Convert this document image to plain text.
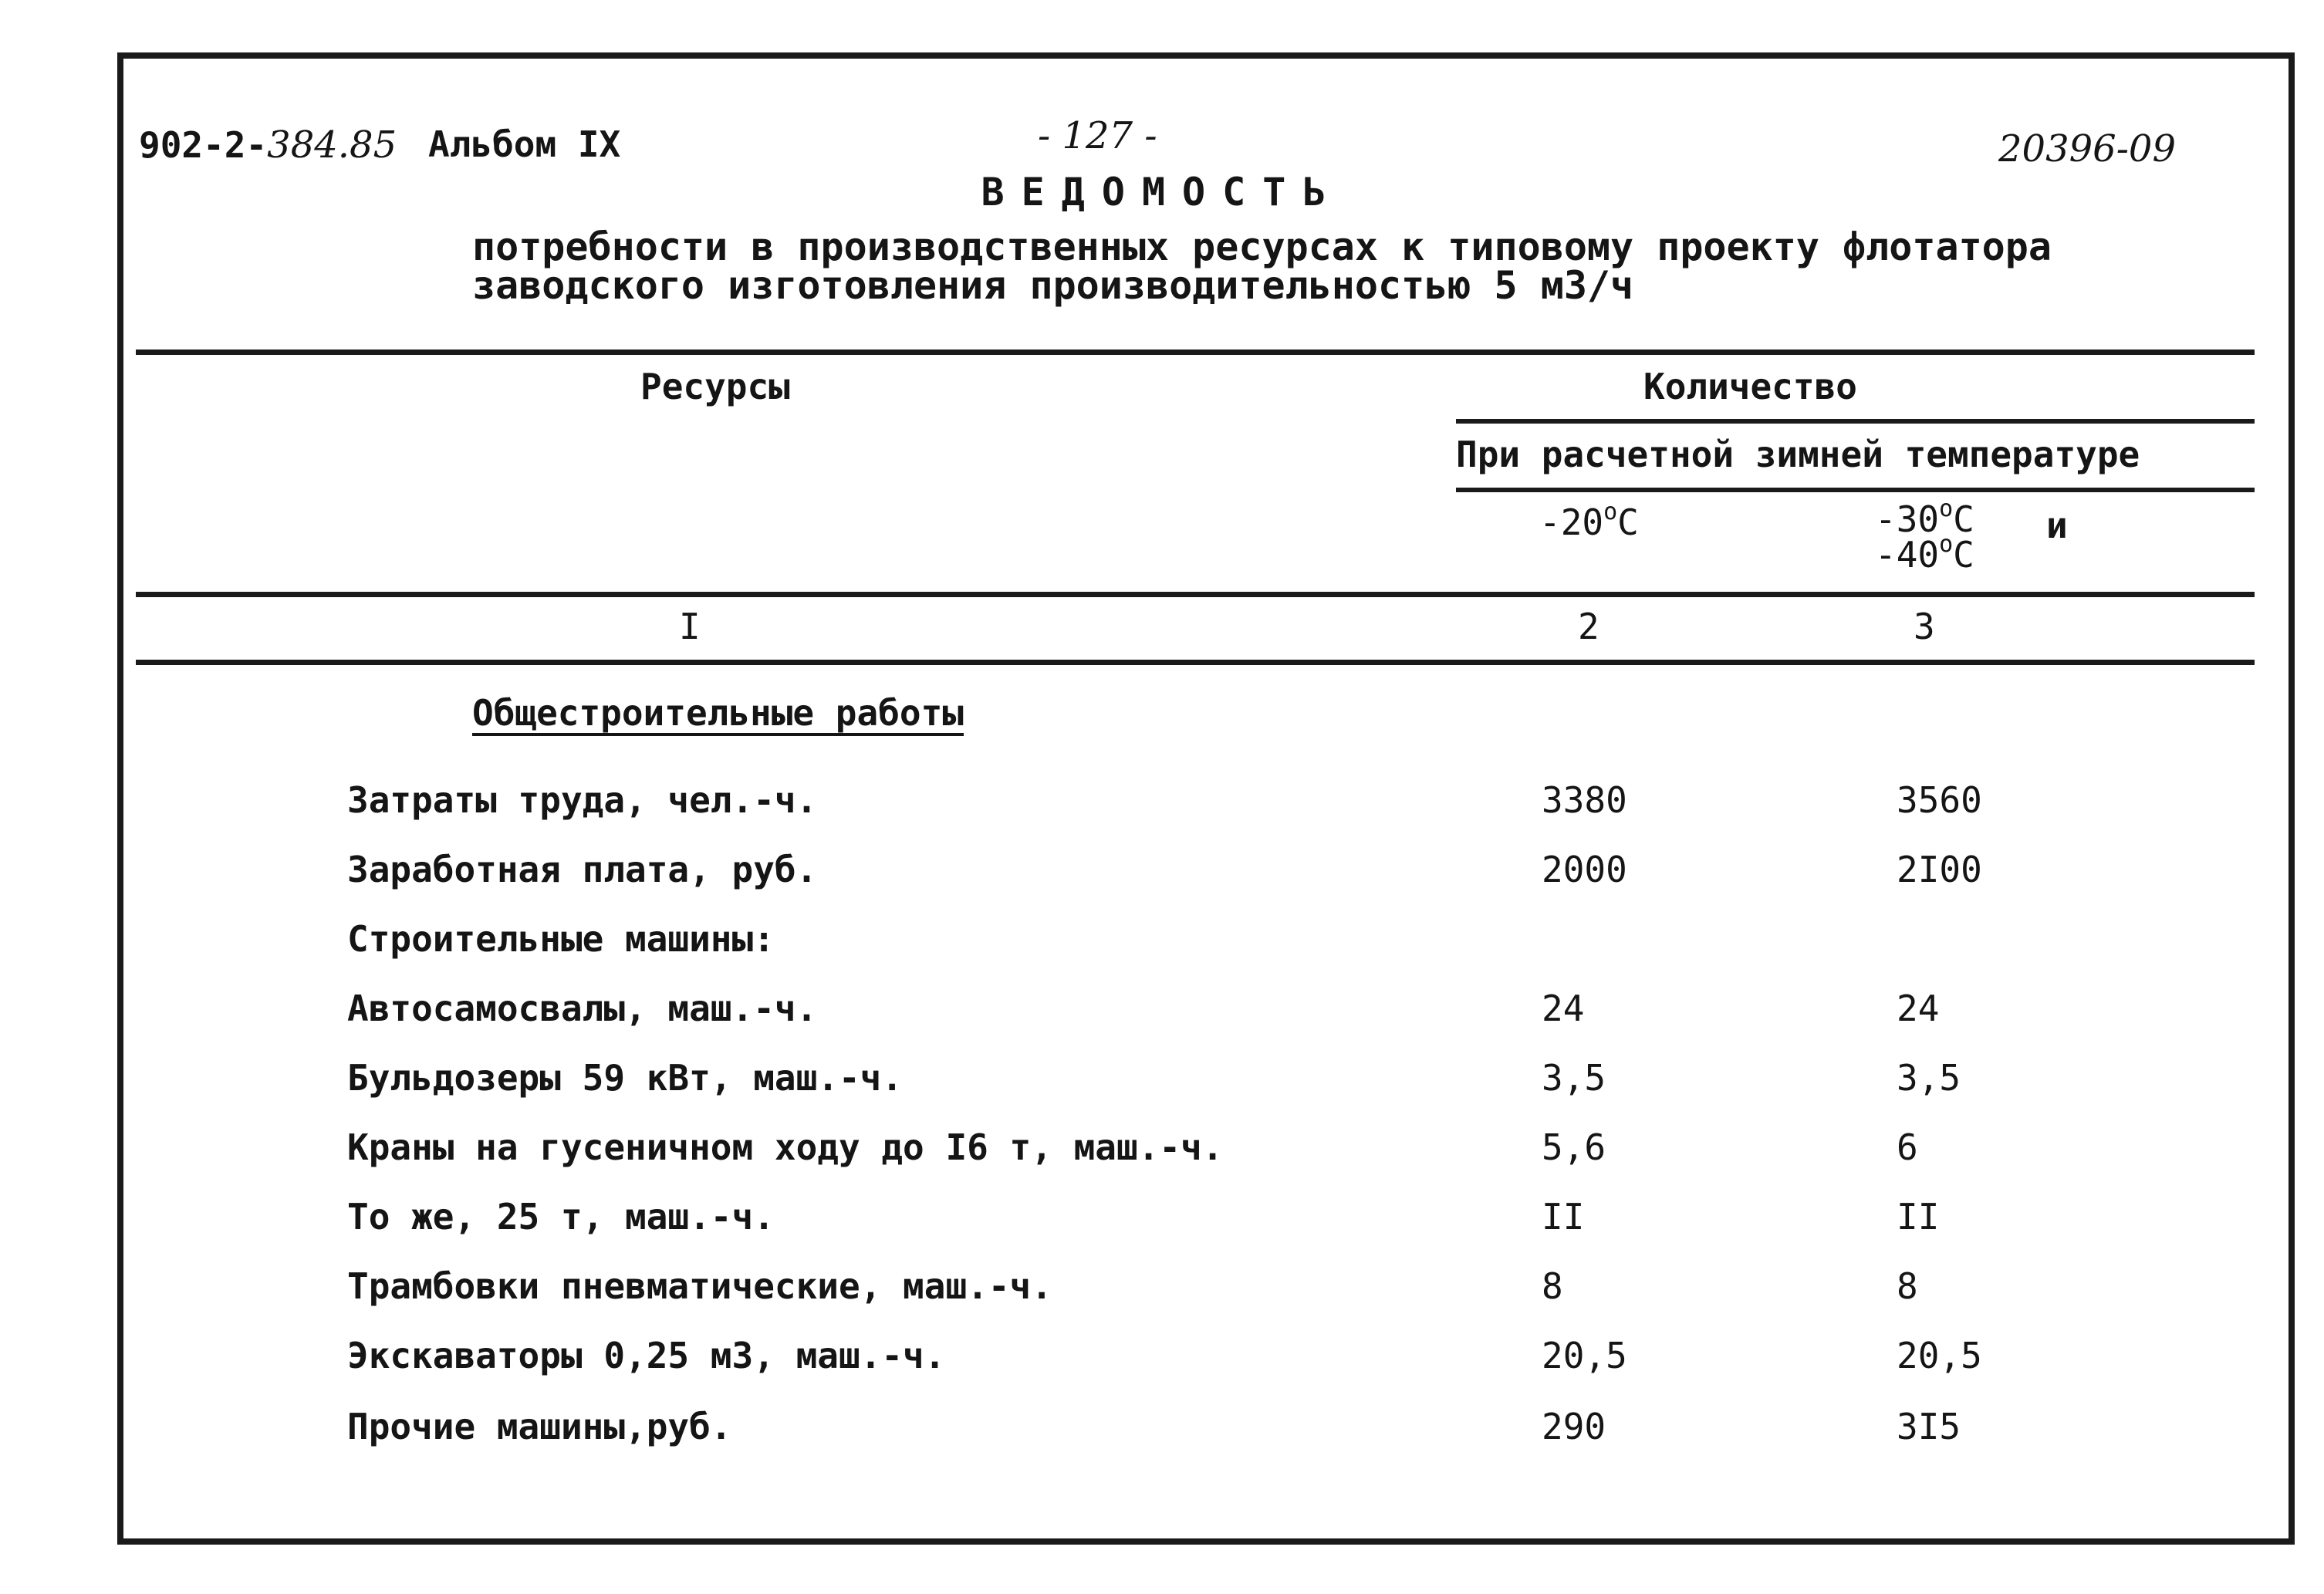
902-2-384.85 Альбом IX	- 127 -	20396-09
ВЕДОМОСТЬ
потребности в производственных ресурсах к типовому проекту флотатора
заводского изготовления производительностью 5 м3/ч
Ресурсы	Количество
При расчетной зимней температуре
-20$^o$C	-30$^o$C
-40$^o$C
и
I	2	3
Общестроительные работы
Затраты труда, чел.-ч.	3380	3560
Заработная плата, руб.	2000	2I00
Строительные машины:
Автосамосвалы, маш.-ч.	24	24
Бульдозеры 59 кВт, маш.-ч.	3,5	3,5
Краны на гусеничном ходу до I6 т, маш.-ч.	5,6	6
То же, 25 т, маш.-ч.	II	II
Трамбовки пневматические, маш.-ч.	8	8
Экскаваторы 0,25 м3, маш.-ч.	20,5	20,5
Прочие машины,руб.	290	3I5
